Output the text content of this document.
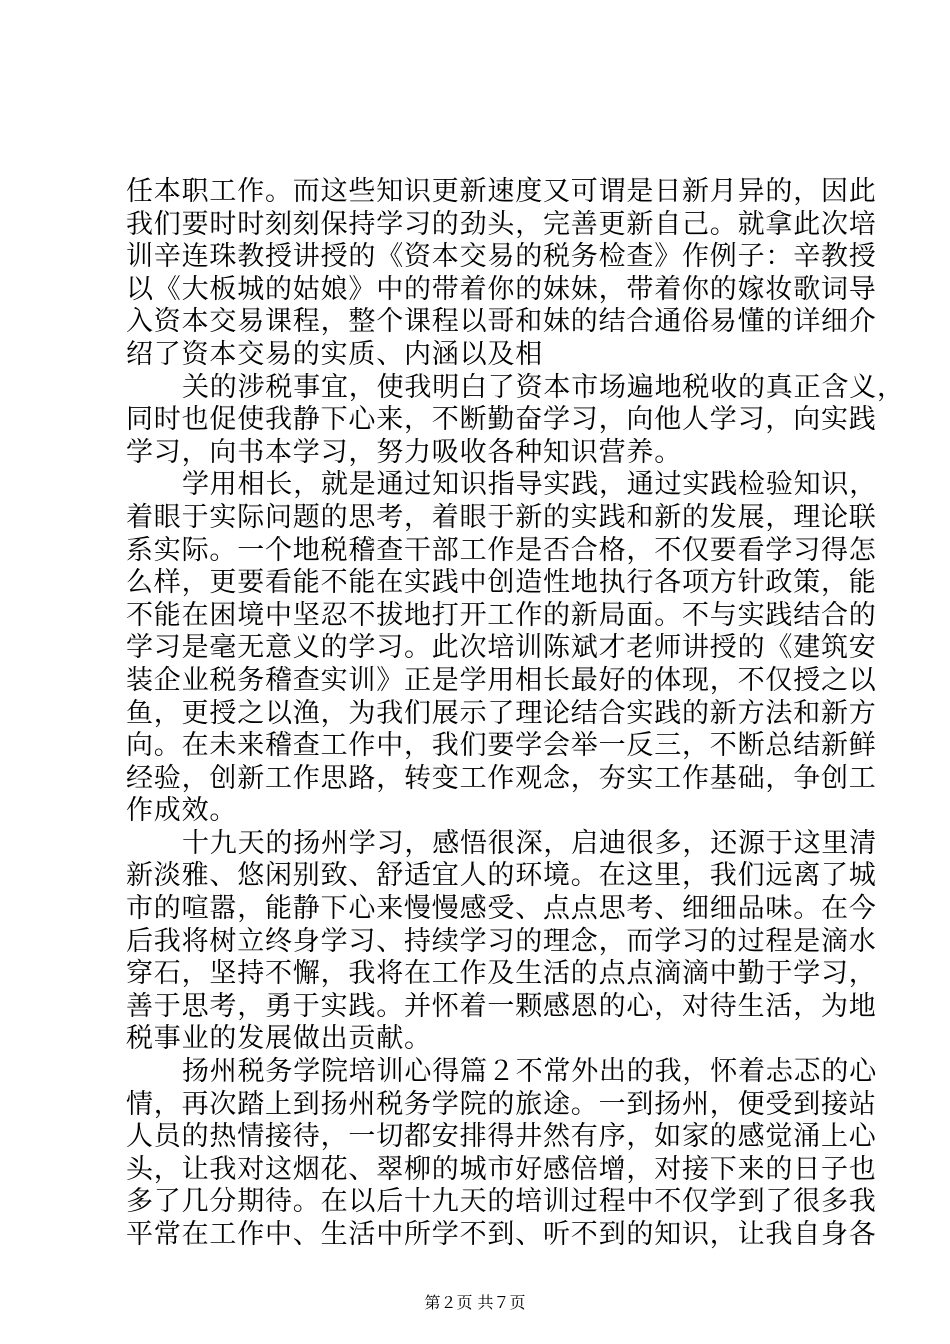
任本职工作。而这些知识更新速度又可谓是日新月异的，因此
我们要时时刻刻保持学习的劲头，完善更新自己。就拿此次培
训辛连珠教授讲授的《资本交易的税务检查》作例子：辛教授
以《大板城的姑娘》中的带着你的妹妹，带着你的嫁妆歌词导
入资本交易课程，整个课程以哥和妹的结合通俗易懂的详细介
绍了资本交易的实质、内涵以及相
关的涉税事宜，使我明白了资本市场遍地税收的真正含义，
同时也促使我静下心来，不断勤奋学习，向他人学习，向实践
学习，向书本学习，努力吸收各种知识营养。
学用相长，就是通过知识指导实践，通过实践检验知识，
着眼于实际问题的思考，着眼于新的实践和新的发展，理论联
系实际。一个地税稽查干部工作是否合格，不仅要看学习得怎
么样，更要看能不能在实践中创造性地执行各项方针政策，能
不能在困境中坚忍不拔地打开工作的新局面。不与实践结合的
学习是毫无意义的学习。此次培训陈斌才老师讲授的《建筑安
装企业税务稽查实训》正是学用相长最好的体现，不仅授之以
鱼，更授之以渔，为我们展示了理论结合实践的新方法和新方
向。在未来稽查工作中，我们要学会举一反三，不断总结新鲜
经验，创新工作思路，转变工作观念，夯实工作基础，争创工
作成效。
十九天的扬州学习，感悟很深，启迪很多，还源于这里清
新淡雅、悠闲别致、舒适宜人的环境。在这里，我们远离了城
市的喧嚣，能静下心来慢慢感受、点点思考、细细品味。在今
后我将树立终身学习、持续学习的理念，而学习的过程是滴水
穿石，坚持不懈，我将在工作及生活的点点滴滴中勤于学习，
善于思考，勇于实践。并怀着一颗感恩的心，对待生活，为地
税事业的发展做出贡献。
扬州税务学院培训心得篇２不常外出的我，怀着忐忑的心
情，再次踏上到扬州税务学院的旅途。一到扬州，便受到接站
人员的热情接待，一切都安排得井然有序，如家的感觉涌上心
头，让我对这烟花、翠柳的城市好感倍增，对接下来的日子也
多了几分期待。在以后十九天的培训过程中不仅学到了很多我
平常在工作中、生活中所学不到、听不到的知识，让我自身各
第２页 共７页
